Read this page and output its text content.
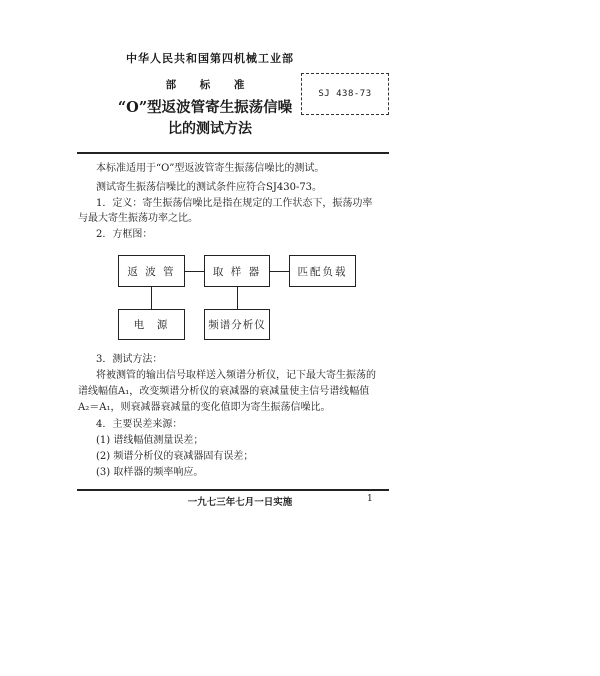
中华人民共和国第四机械工业部
部 标 准
“O”型返波管寄生振荡信噪
比的测试方法
SJ 438-73
本标准适用于“O”型返波管寄生振荡信噪比的测试。
测试寄生振荡信噪比的测试条件应符合SJ430-73。
1．定义：寄生振荡信噪比是指在规定的工作状态下，振荡功率
与最大寄生振荡功率之比。
2．方框图：
返 波 管	取 样 器	匹配负载
电  源	频谱分析仪
3．测试方法：
将被测管的输出信号取样送入频谱分析仪，记下最大寄生振荡的
谱线幅值A₁，改变频谱分析仪的衰减器的衰减量使主信号谱线幅值
A₂＝A₁，则衰减器衰减量的变化值即为寄生振荡信噪比。
4．主要误差来源：
(1) 谱线幅值测量误差；
(2) 频谱分析仪的衰减器固有误差；
(3) 取样器的频率响应。
一九七三年七月一日实施	1
